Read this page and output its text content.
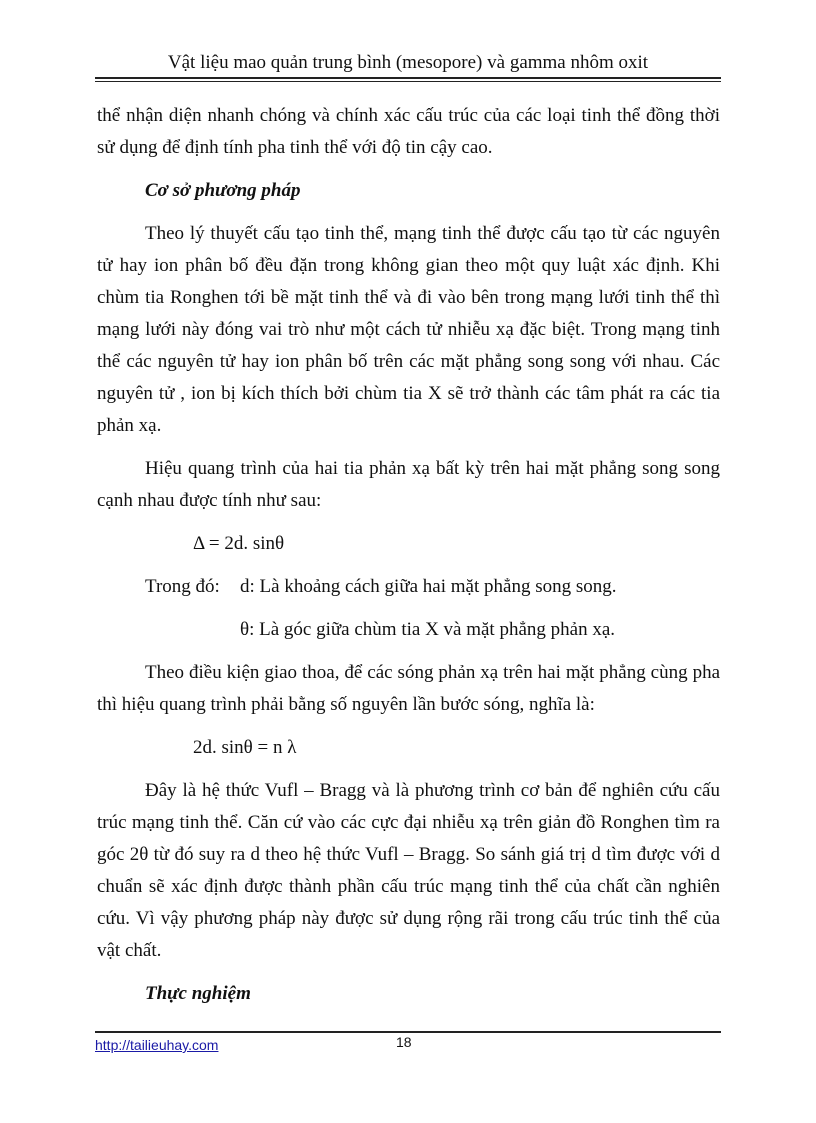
Vật liệu mao quản trung bình (mesopore) và gamma nhôm oxit

thể nhận diện nhanh chóng và chính xác cấu trúc của các loại tinh thể đồng thời sử dụng để định tính pha tinh thể với độ tin cậy cao.

Cơ sở phương pháp

Theo lý thuyết cấu tạo tinh thể, mạng tinh thể được cấu tạo từ các nguyên tử hay ion phân bố đều đặn trong không gian theo một quy luật xác định. Khi chùm tia Ronghen tới bề mặt tinh thể và đi vào bên trong mạng lưới tinh thể thì mạng lưới này đóng vai trò như một cách tử nhiễu xạ đặc biệt. Trong mạng tinh thể các nguyên tử hay ion phân bố trên các mặt phẳng song song với nhau. Các nguyên tử , ion bị kích thích bởi chùm tia X sẽ trở thành các tâm phát ra các tia phản xạ.

Hiệu quang trình của hai tia phản xạ bất kỳ trên hai mặt phẳng song song cạnh nhau được tính như sau:

Δ = 2d. sinθ

Trong đó:	d: Là khoảng cách giữa hai mặt phẳng song song.

θ: Là góc giữa chùm tia X và mặt phẳng phản xạ.

Theo điều kiện giao thoa, để các sóng phản xạ trên hai mặt phẳng cùng pha thì hiệu quang trình phải bằng số nguyên lần bước sóng, nghĩa là:

2d. sinθ = n λ

Đây là hệ thức Vufl – Bragg và là phương trình cơ bản để nghiên cứu cấu trúc mạng tinh thể. Căn cứ vào các cực đại nhiễu xạ trên giản đồ Ronghen tìm ra góc 2θ từ đó suy ra d theo hệ thức Vufl – Bragg. So sánh giá trị d tìm được với d chuẩn sẽ xác định được thành phần cấu trúc mạng tinh thể của chất cần nghiên cứu. Vì vậy phương pháp này được sử dụng rộng rãi trong cấu trúc tinh thể của vật chất.

Thực nghiệm

http://tailieuhay.com	18
